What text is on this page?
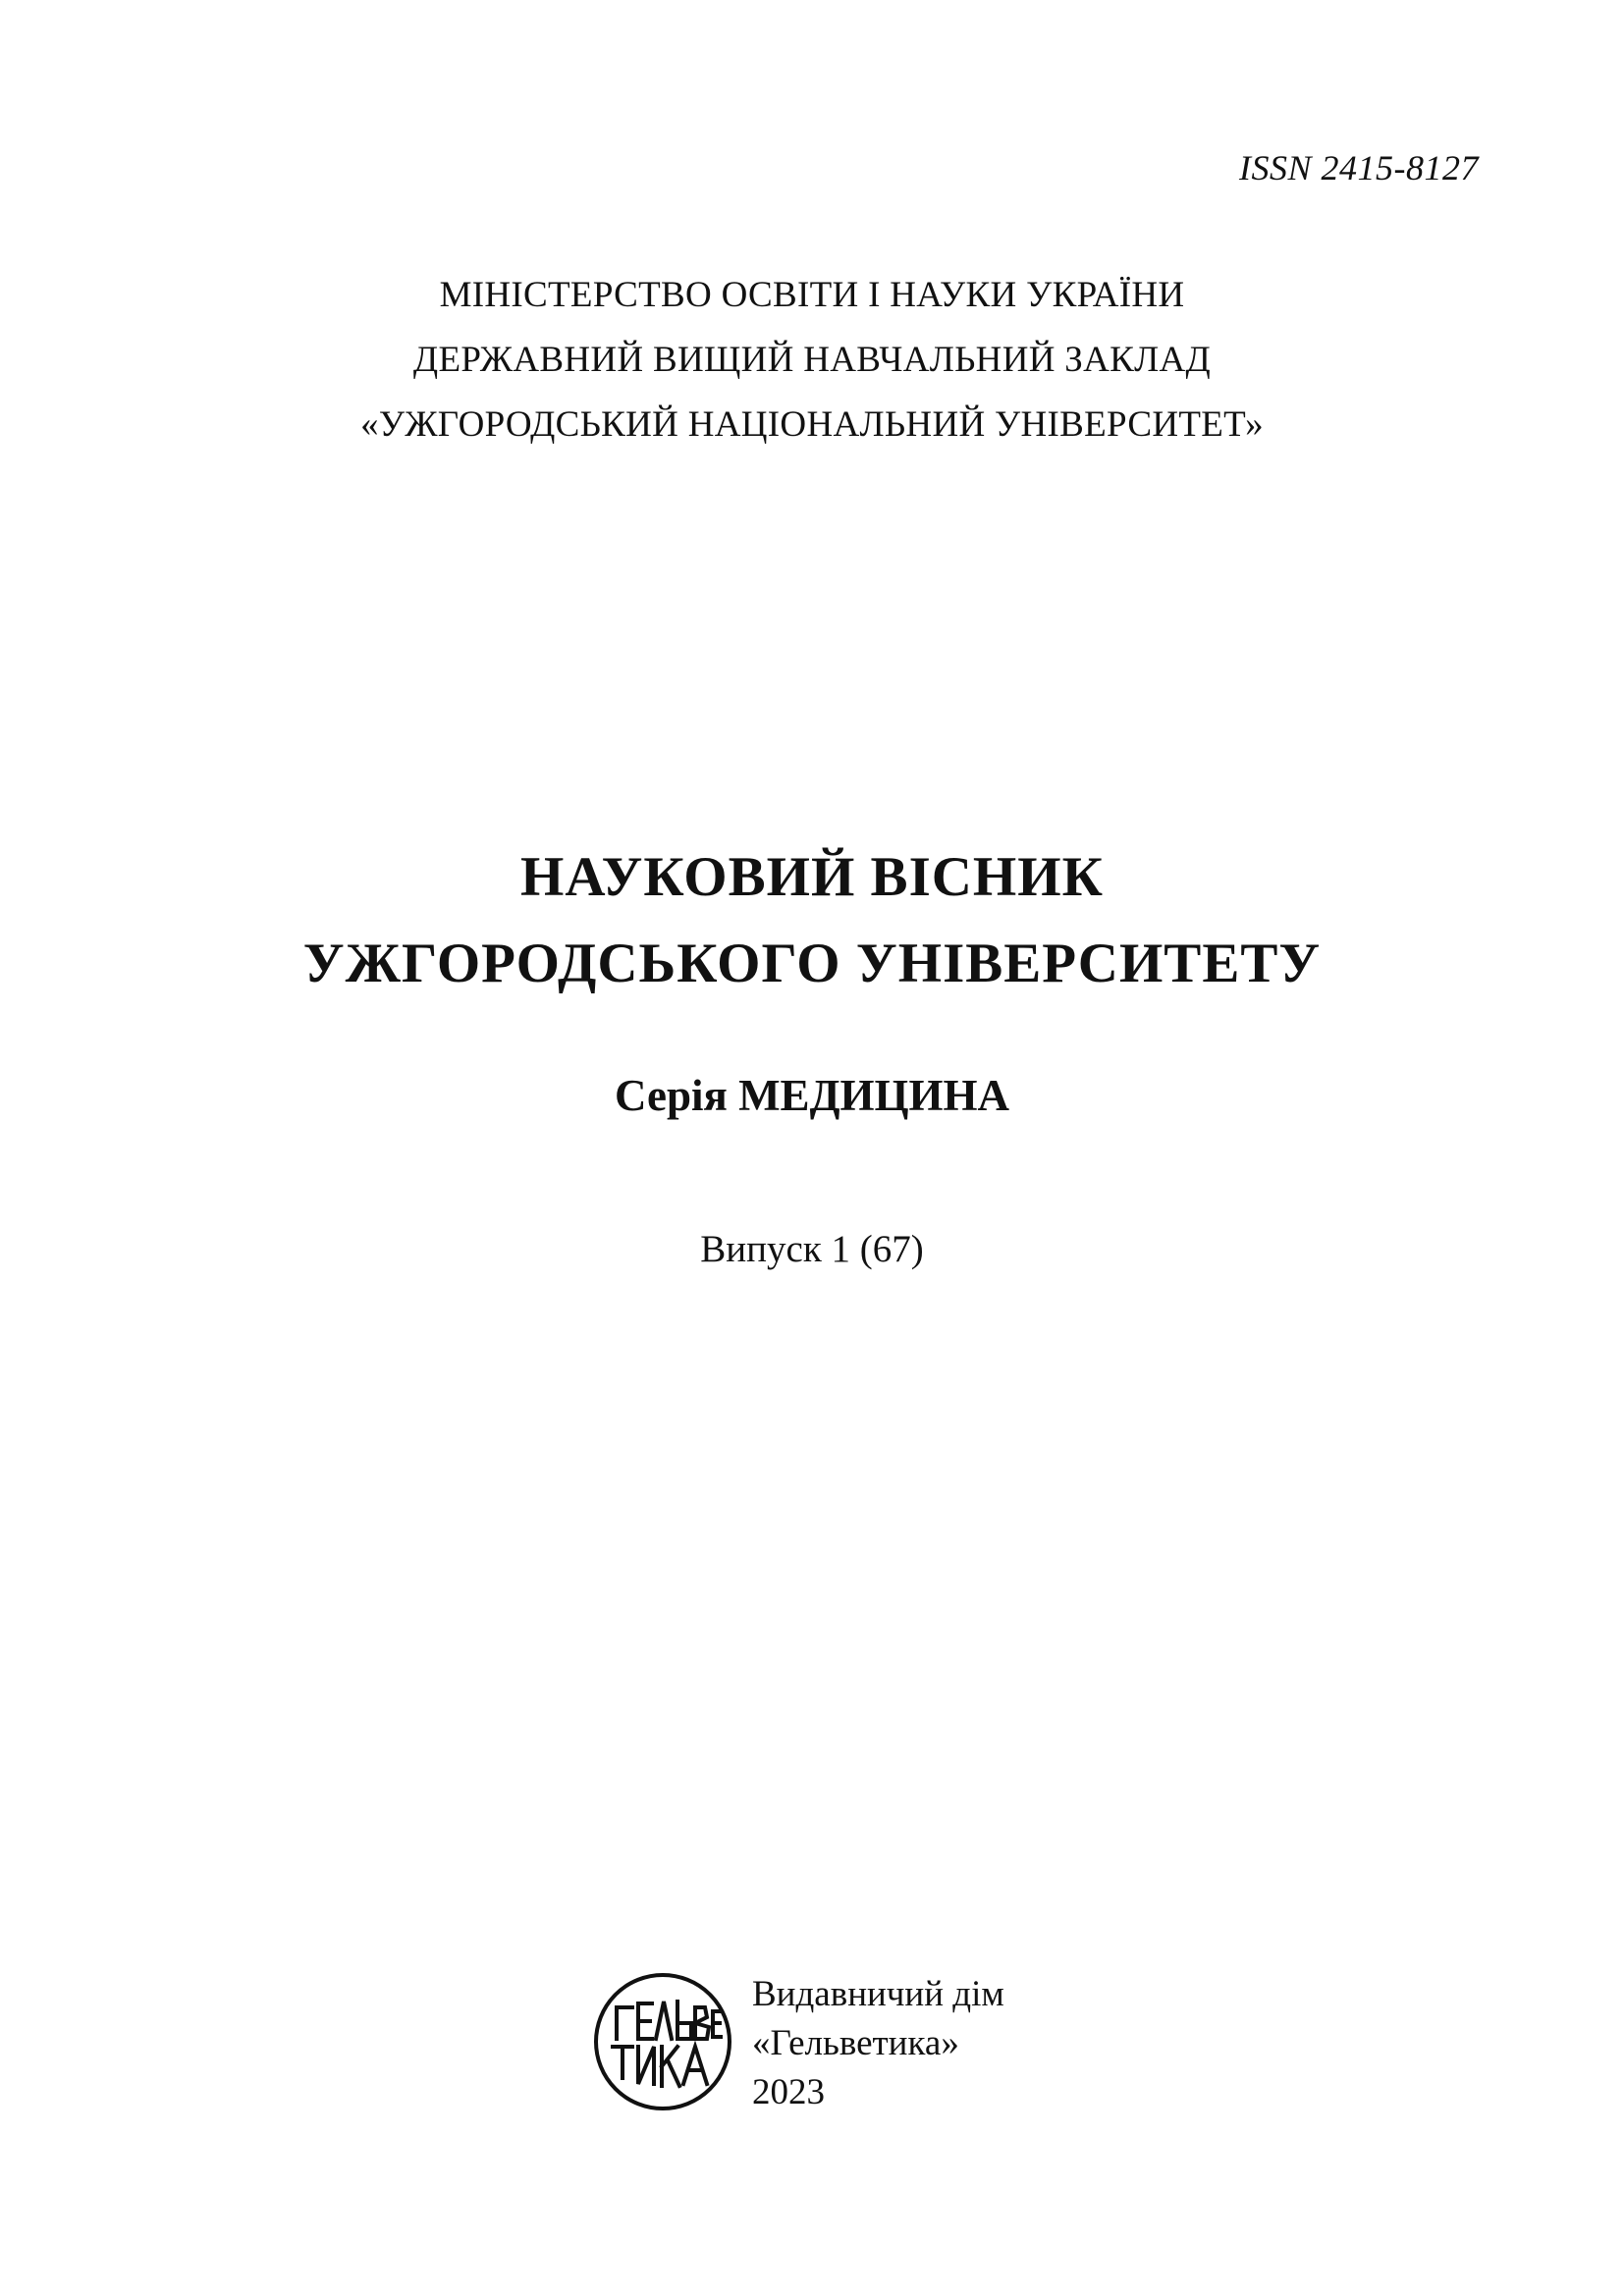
ISSN 2415-8127
МІНІСТЕРСТВО ОСВІТИ І НАУКИ УКРАЇНИ
ДЕРЖАВНИЙ ВИЩИЙ НАВЧАЛЬНИЙ ЗАКЛАД
«УЖГОРОДСЬКИЙ НАЦІОНАЛЬНИЙ УНІВЕРСИТЕТ»
НАУКОВИЙ ВІСНИК
УЖГОРОДСЬКОГО УНІВЕРСИТЕТУ
Серія МЕДИЦИНА
Випуск 1 (67)
Видавничий дім
«Гельветика»
2023
